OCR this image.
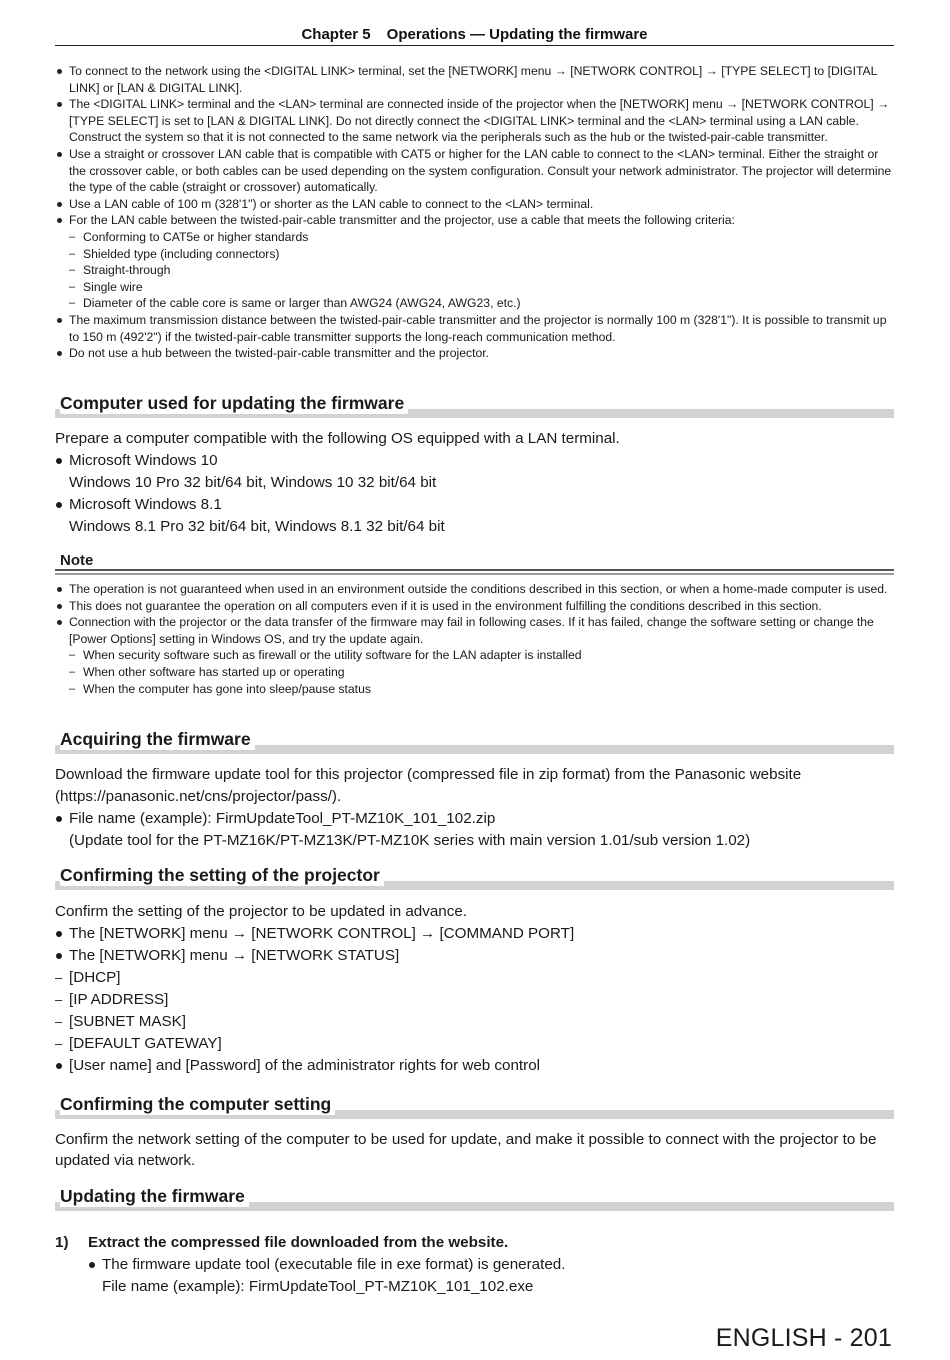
Chapter 5 Operations — Updating the firmware
To connect to the network using the <DIGITAL LINK> terminal, set the [NETWORK] menu → [NETWORK CONTROL] → [TYPE SELECT] to [DIGITAL LINK] or [LAN & DIGITAL LINK].
The <DIGITAL LINK> terminal and the <LAN> terminal are connected inside of the projector when the [NETWORK] menu → [NETWORK CONTROL] → [TYPE SELECT] is set to [LAN & DIGITAL LINK]. Do not directly connect the <DIGITAL LINK> terminal and the <LAN> terminal using a LAN cable. Construct the system so that it is not connected to the same network via the peripherals such as the hub or the twisted-pair-cable transmitter.
Use a straight or crossover LAN cable that is compatible with CAT5 or higher for the LAN cable to connect to the <LAN> terminal. Either the straight or the crossover cable, or both cables can be used depending on the system configuration. Consult your network administrator. The projector will determine the type of the cable (straight or crossover) automatically.
Use a LAN cable of 100 m (328'1") or shorter as the LAN cable to connect to the <LAN> terminal.
For the LAN cable between the twisted-pair-cable transmitter and the projector, use a cable that meets the following criteria:
– Conforming to CAT5e or higher standards
– Shielded type (including connectors)
– Straight-through
– Single wire
– Diameter of the cable core is same or larger than AWG24 (AWG24, AWG23, etc.)
The maximum transmission distance between the twisted-pair-cable transmitter and the projector is normally 100 m (328'1"). It is possible to transmit up to 150 m (492'2") if the twisted-pair-cable transmitter supports the long-reach communication method.
Do not use a hub between the twisted-pair-cable transmitter and the projector.
Computer used for updating the firmware
Prepare a computer compatible with the following OS equipped with a LAN terminal.
Microsoft Windows 10
Windows 10 Pro 32 bit/64 bit, Windows 10 32 bit/64 bit
Microsoft Windows 8.1
Windows 8.1 Pro 32 bit/64 bit, Windows 8.1 32 bit/64 bit
Note
The operation is not guaranteed when used in an environment outside the conditions described in this section, or when a home-made computer is used.
This does not guarantee the operation on all computers even if it is used in the environment fulfilling the conditions described in this section.
Connection with the projector or the data transfer of the firmware may fail in following cases. If it has failed, change the software setting or change the [Power Options] setting in Windows OS, and try the update again.
– When security software such as firewall or the utility software for the LAN adapter is installed
– When other software has started up or operating
– When the computer has gone into sleep/pause status
Acquiring the firmware
Download the firmware update tool for this projector (compressed file in zip format) from the Panasonic website (https://panasonic.net/cns/projector/pass/).
File name (example): FirmUpdateTool_PT-MZ10K_101_102.zip
(Update tool for the PT-MZ16K/PT-MZ13K/PT-MZ10K series with main version 1.01/sub version 1.02)
Confirming the setting of the projector
Confirm the setting of the projector to be updated in advance.
The [NETWORK] menu → [NETWORK CONTROL] → [COMMAND PORT]
The [NETWORK] menu → [NETWORK STATUS]
– [DHCP]
– [IP ADDRESS]
– [SUBNET MASK]
– [DEFAULT GATEWAY]
[User name] and [Password] of the administrator rights for web control
Confirming the computer setting
Confirm the network setting of the computer to be used for update, and make it possible to connect with the projector to be updated via network.
Updating the firmware
1)	Extract the compressed file downloaded from the website.
The firmware update tool (executable file in exe format) is generated.
File name (example): FirmUpdateTool_PT-MZ10K_101_102.exe
ENGLISH - 201
